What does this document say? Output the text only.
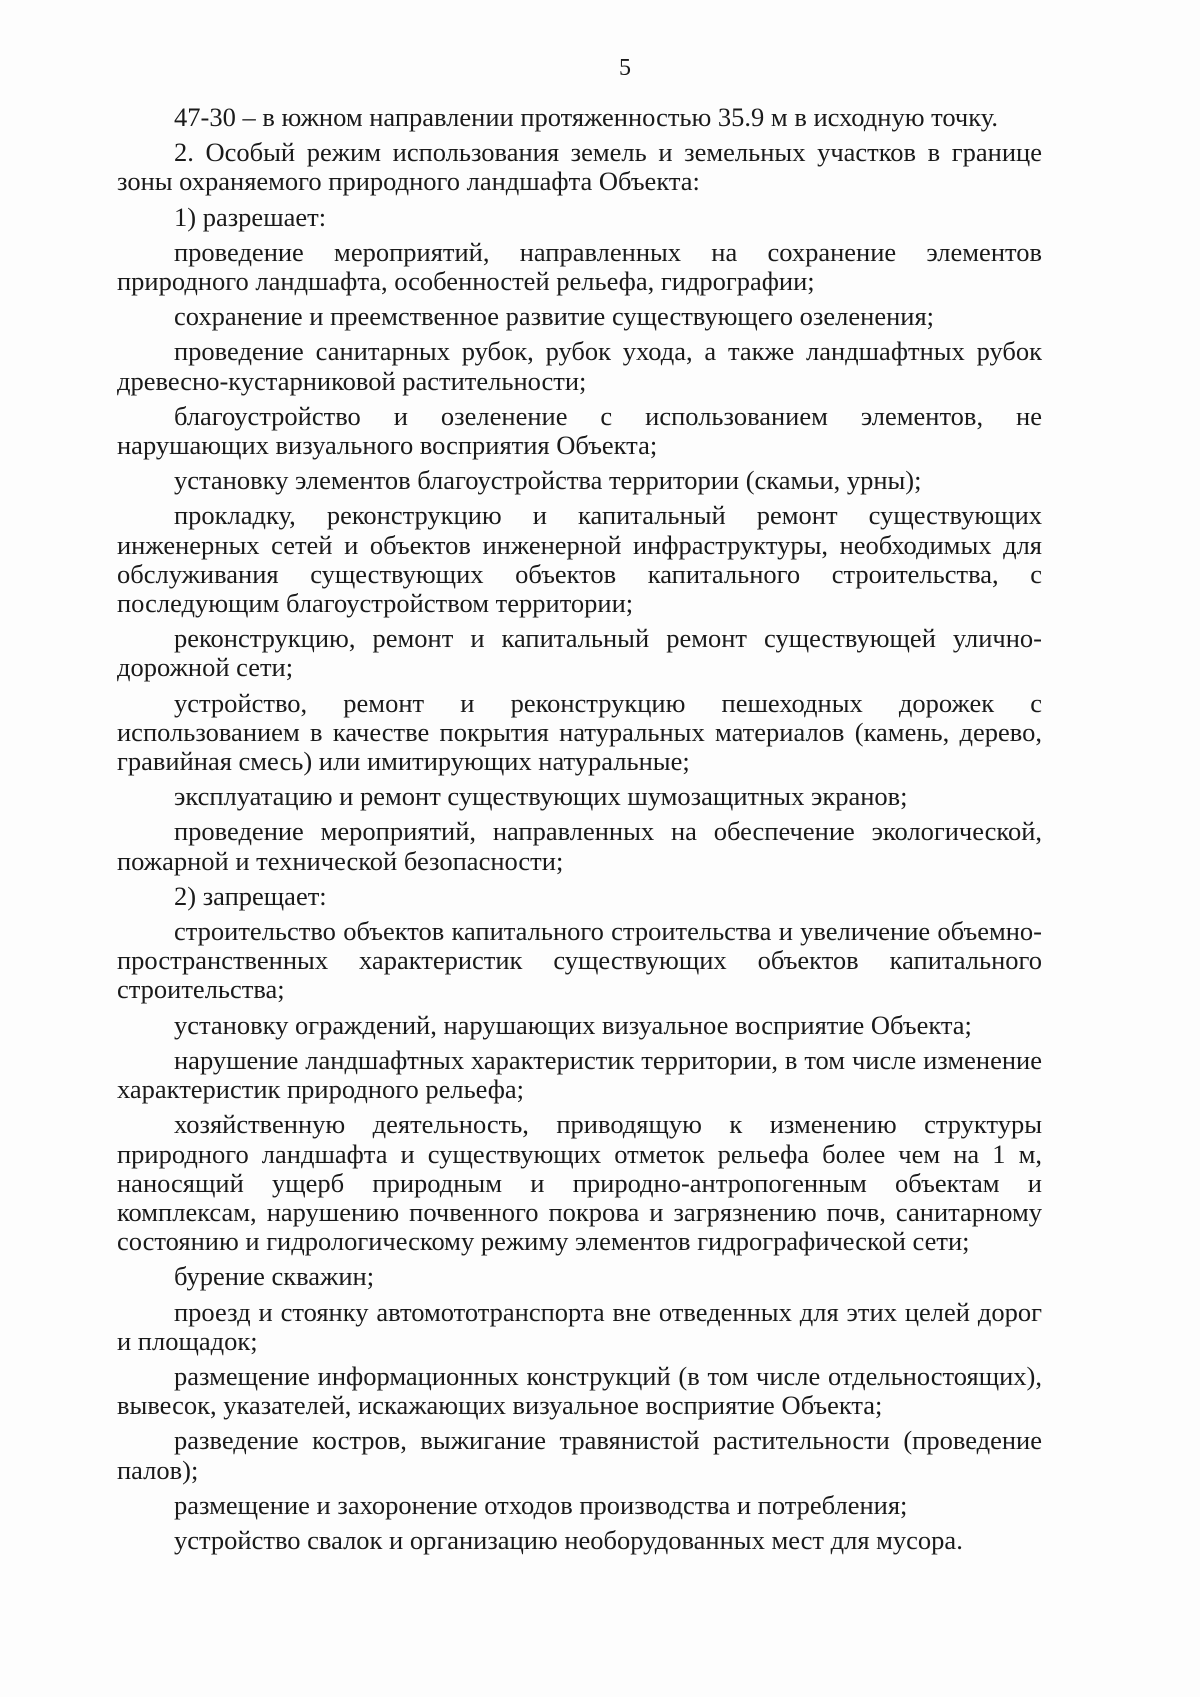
5

47-30 – в южном направлении протяженностью 35.9 м в исходную точку.

2. Особый режим использования земель и земельных участков в границе зоны охраняемого природного ландшафта Объекта:

1) разрешает:

проведение мероприятий, направленных на сохранение элементов природного ландшафта, особенностей рельефа, гидрографии;

сохранение и преемственное развитие существующего озеленения;

проведение санитарных рубок, рубок ухода, а также ландшафтных рубок древесно-кустарниковой растительности;

благоустройство и озеленение с использованием элементов, не нарушающих визуального восприятия Объекта;

установку элементов благоустройства территории (скамьи, урны);

прокладку, реконструкцию и капитальный ремонт существующих инженерных сетей и объектов инженерной инфраструктуры, необходимых для обслуживания существующих объектов капитального строительства, с последующим благоустройством территории;

реконструкцию, ремонт и капитальный ремонт существующей улично-дорожной сети;

устройство, ремонт и реконструкцию пешеходных дорожек с использованием в качестве покрытия натуральных материалов (камень, дерево, гравийная смесь) или имитирующих натуральные;

эксплуатацию и ремонт существующих шумозащитных экранов;

проведение мероприятий, направленных на обеспечение экологической, пожарной и технической безопасности;

2) запрещает:

строительство объектов капитального строительства и увеличение объемно-пространственных характеристик существующих объектов капитального строительства;

установку ограждений, нарушающих визуальное восприятие Объекта;

нарушение ландшафтных характеристик территории, в том числе изменение характеристик природного рельефа;

хозяйственную деятельность, приводящую к изменению структуры природного ландшафта и существующих отметок рельефа более чем на 1 м, наносящий ущерб природным и природно-антропогенным объектам и комплексам, нарушению почвенного покрова и загрязнению почв, санитарному состоянию и гидрологическому режиму элементов гидрографической сети;

бурение скважин;

проезд и стоянку автомототранспорта вне отведенных для этих целей дорог и площадок;

размещение информационных конструкций (в том числе отдельностоящих), вывесок, указателей, искажающих визуальное восприятие Объекта;

разведение костров, выжигание травянистой растительности (проведение палов);

размещение и захоронение отходов производства и потребления;

устройство свалок и организацию необорудованных мест для мусора.
